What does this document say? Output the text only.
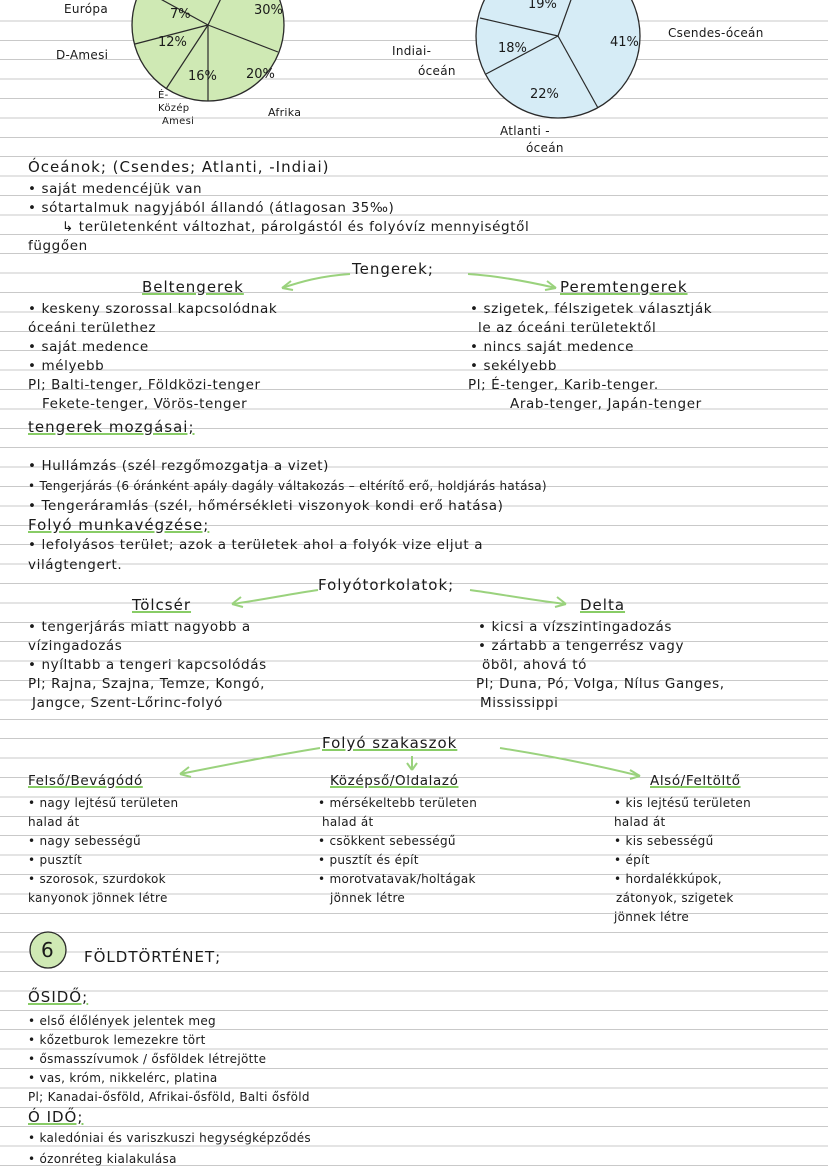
7%	30%
12%
16% 20%
19%
18%	41%
22%
Európa
D-Amesi
É-
Közép
Amesi
Afrika
Csendes-óceán
Indiai-
óceán
Atlanti -
óceán
Óceánok; (Csendes; Atlanti, -Indiai)
• saját medencéjük van
• sótartalmuk nagyjából állandó (átlagosan 35‰)
↳ területenként változhat, párolgástól és folyóvíz mennyiségtől
függően
Tengerek;
Beltengerek	Peremtengerek
• keskeny szorossal kapcsolódnak
óceáni területhez
• saját medence
• mélyebb
Pl; Balti-tenger, Földközi-tenger
Fekete-tenger, Vörös-tenger
• szigetek, félszigetek választják
le az óceáni területektől
• nincs saját medence
• sekélyebb
Pl; É-tenger, Karib-tenger.
Arab-tenger, Japán-tenger
tengerek mozgásai;
• Hullámzás (szél rezgőmozgatja a vizet)
• Tengerjárás (6 óránként apály dagály váltakozás – eltérítő erő, holdjárás hatása)
• Tengeráramlás (szél, hőmérsékleti viszonyok kondi erő hatása)
Folyó munkavégzése;
• lefolyásos terület; azok a területek ahol a folyók vize eljut a
világtengert.
Folyótorkolatok;
Tölcsér	Delta
• tengerjárás miatt nagyobb a
vízingadozás
• nyíltabb a tengeri kapcsolódás
Pl; Rajna, Szajna, Temze, Kongó,
Jangce, Szent-Lőrinc-folyó
• kicsi a vízszintingadozás
• zártabb a tengerrész vagy
öböl, ahová tó
Pl; Duna, Pó, Volga, Nílus Ganges,
Mississippi
Folyó szakaszok
Felső/Bevágódó	Középső/Oldalazó	Alsó/Feltöltő
• nagy lejtésű területen
halad át
• nagy sebességű
• pusztít
• szorosok, szurdokok
kanyonok jönnek létre
• mérsékeltebb területen
halad át
• csökkent sebességű
• pusztít és épít
• morotvatavak/holtágak
jönnek létre
• kis lejtésű területen
halad át
• kis sebességű
• épít
• hordalékkúpok,
zátonyok, szigetek
jönnek létre
6 FÖLDTÖRTÉNET;
ŐSIDŐ;
• első élőlények jelentek meg
• kőzetburok lemezekre tört
• ősmasszívumok / ősföldek létrejötte
• vas, króm, nikkelérc, platina
Pl; Kanadai-ősföld, Afrikai-ősföld, Balti ősföld
Ó IDŐ;
• kaledóniai és variszkuszi hegységképződés
• ózonréteg kialakulása
